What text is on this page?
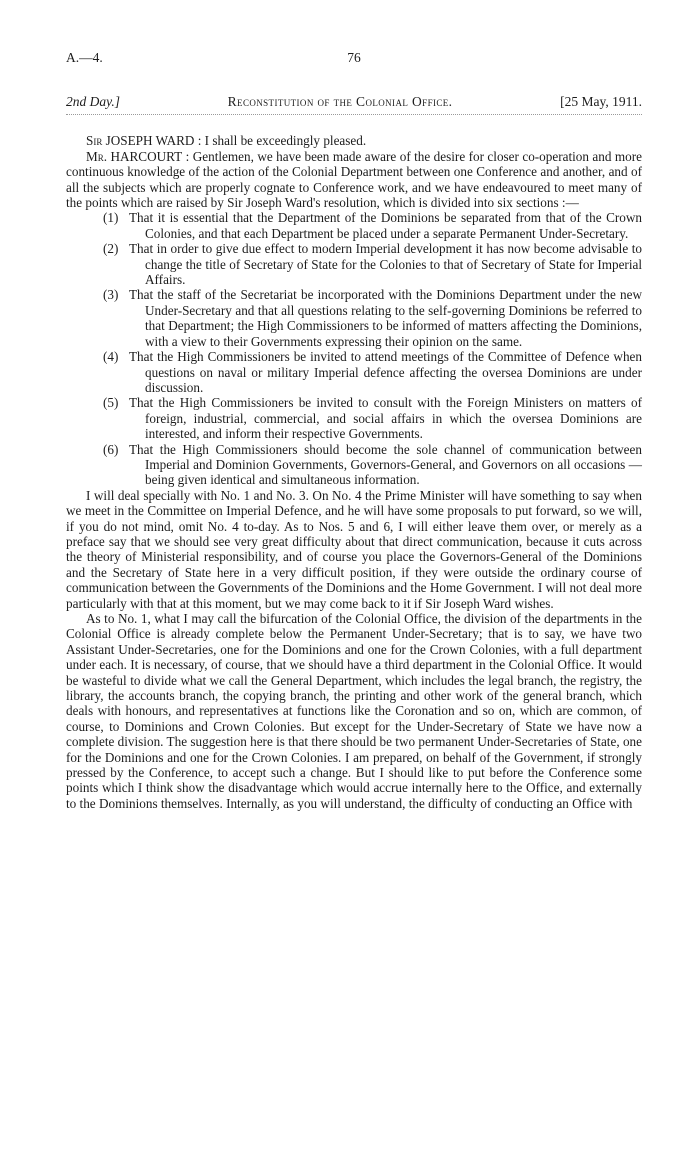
A.—4.	76
2nd Day.]	Reconstitution of the Colonial Office.	[25 May, 1911.

Sir JOSEPH WARD : I shall be exceedingly pleased.

Mr. HARCOURT : Gentlemen, we have been made aware of the desire for closer co-operation and more continuous knowledge of the action of the Colonial Department between one Conference and another, and of all the subjects which are properly cognate to Conference work, and we have endeavoured to meet many of the points which are raised by Sir Joseph Ward's resolution, which is divided into six sections :—

(1) That it is essential that the Department of the Dominions be separated from that of the Crown Colonies, and that each Department be placed under a separate Permanent Under-Secretary.
(2) That in order to give due effect to modern Imperial development it has now become advisable to change the title of Secretary of State for the Colonies to that of Secretary of State for Imperial Affairs.
(3) That the staff of the Secretariat be incorporated with the Dominions Department under the new Under-Secretary and that all questions relating to the self-governing Dominions be referred to that Department; the High Commissioners to be informed of matters affecting the Dominions, with a view to their Governments expressing their opinion on the same.
(4) That the High Commissioners be invited to attend meetings of the Committee of Defence when questions on naval or military Imperial defence affecting the oversea Dominions are under discussion.
(5) That the High Commissioners be invited to consult with the Foreign Ministers on matters of foreign, industrial, commercial, and social affairs in which the oversea Dominions are interested, and inform their respective Governments.
(6) That the High Commissioners should become the sole channel of communication between Imperial and Dominion Governments, Governors-General, and Governors on all occasions — being given identical and simultaneous information.

I will deal specially with No. 1 and No. 3. On No. 4 the Prime Minister will have something to say when we meet in the Committee on Imperial Defence, and he will have some proposals to put forward, so we will, if you do not mind, omit No. 4 to-day. As to Nos. 5 and 6, I will either leave them over, or merely as a preface say that we should see very great difficulty about that direct communication, because it cuts across the theory of Ministerial responsibility, and of course you place the Governors-General of the Dominions and the Secretary of State here in a very difficult position, if they were outside the ordinary course of communication between the Governments of the Dominions and the Home Government. I will not deal more particularly with that at this moment, but we may come back to it if Sir Joseph Ward wishes.

As to No. 1, what I may call the bifurcation of the Colonial Office, the division of the departments in the Colonial Office is already complete below the Permanent Under-Secretary; that is to say, we have two Assistant Under-Secretaries, one for the Dominions and one for the Crown Colonies, with a full department under each. It is necessary, of course, that we should have a third department in the Colonial Office. It would be wasteful to divide what we call the General Department, which includes the legal branch, the registry, the library, the accounts branch, the copying branch, the printing and other work of the general branch, which deals with honours, and representatives at functions like the Coronation and so on, which are common, of course, to Dominions and Crown Colonies. But except for the Under-Secretary of State we have now a complete division. The suggestion here is that there should be two permanent Under-Secretaries of State, one for the Dominions and one for the Crown Colonies. I am prepared, on behalf of the Government, if strongly pressed by the Conference, to accept such a change. But I should like to put before the Conference some points which I think show the disadvantage which would accrue internally here to the Office, and externally to the Dominions themselves. Internally, as you will understand, the difficulty of conducting an Office with
